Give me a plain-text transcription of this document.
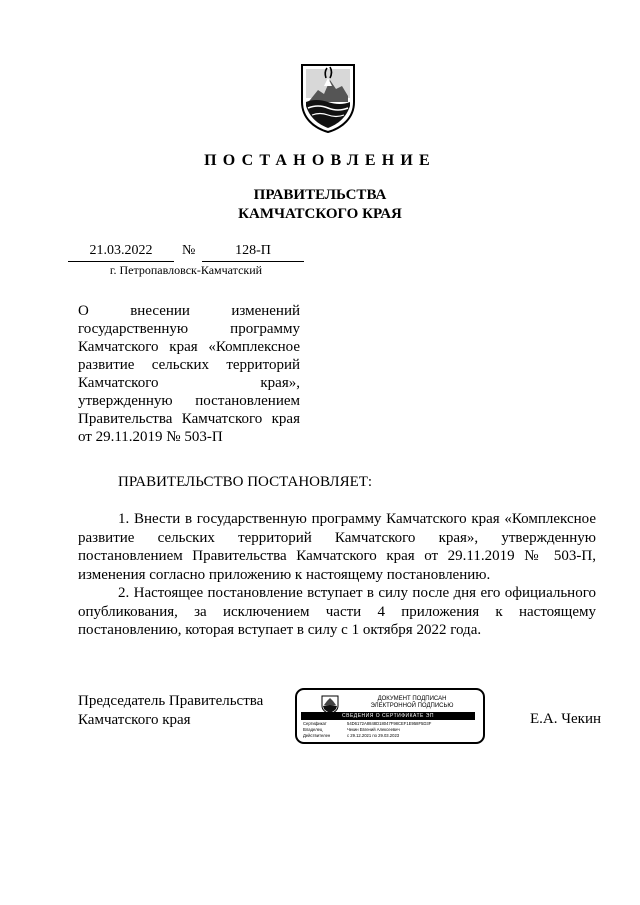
ПОСТАНОВЛЕНИЕ
ПРАВИТЕЛЬСТВА
КАМЧАТСКОГО КРАЯ
21.03.2022	№	128-П
г. Петропавловск-Камчатский
О внесении изменений государственную программу Камчатского края «Комплексное развитие сельских территорий Камчатского края», утвержденную постановлением Правительства Камчатского края от 29.11.2019 № 503-П
ПРАВИТЕЛЬСТВО ПОСТАНОВЛЯЕТ:

1. Внести в государственную программу Камчатского края «Комплексное развитие сельских территорий Камчатского края», утвержденную постановлением Правительства Камчатского края от 29.11.2019 № 503-П, изменения согласно приложению к настоящему постановлению.

2. Настоящее постановление вступает в силу после дня его официального опубликования, за исключением части 4 приложения к настоящему постановлению, которая вступает в силу с 1 октября 2022 года.

Председатель Правительства
Камчатского края
ДОКУМЕНТ ПОДПИСАН
ЭЛЕКТРОННОЙ ПОДПИСЬЮ
СВЕДЕНИЯ О СЕРТИФИКАТЕ ЭП
Сертификат	54D6172A8848D18047F98CEF1E958F5D3F
Владелец	Чекин Евгений Алексеевич
Действителен	с 29.12.2021 по 29.03.2023
Е.А. Чекин
